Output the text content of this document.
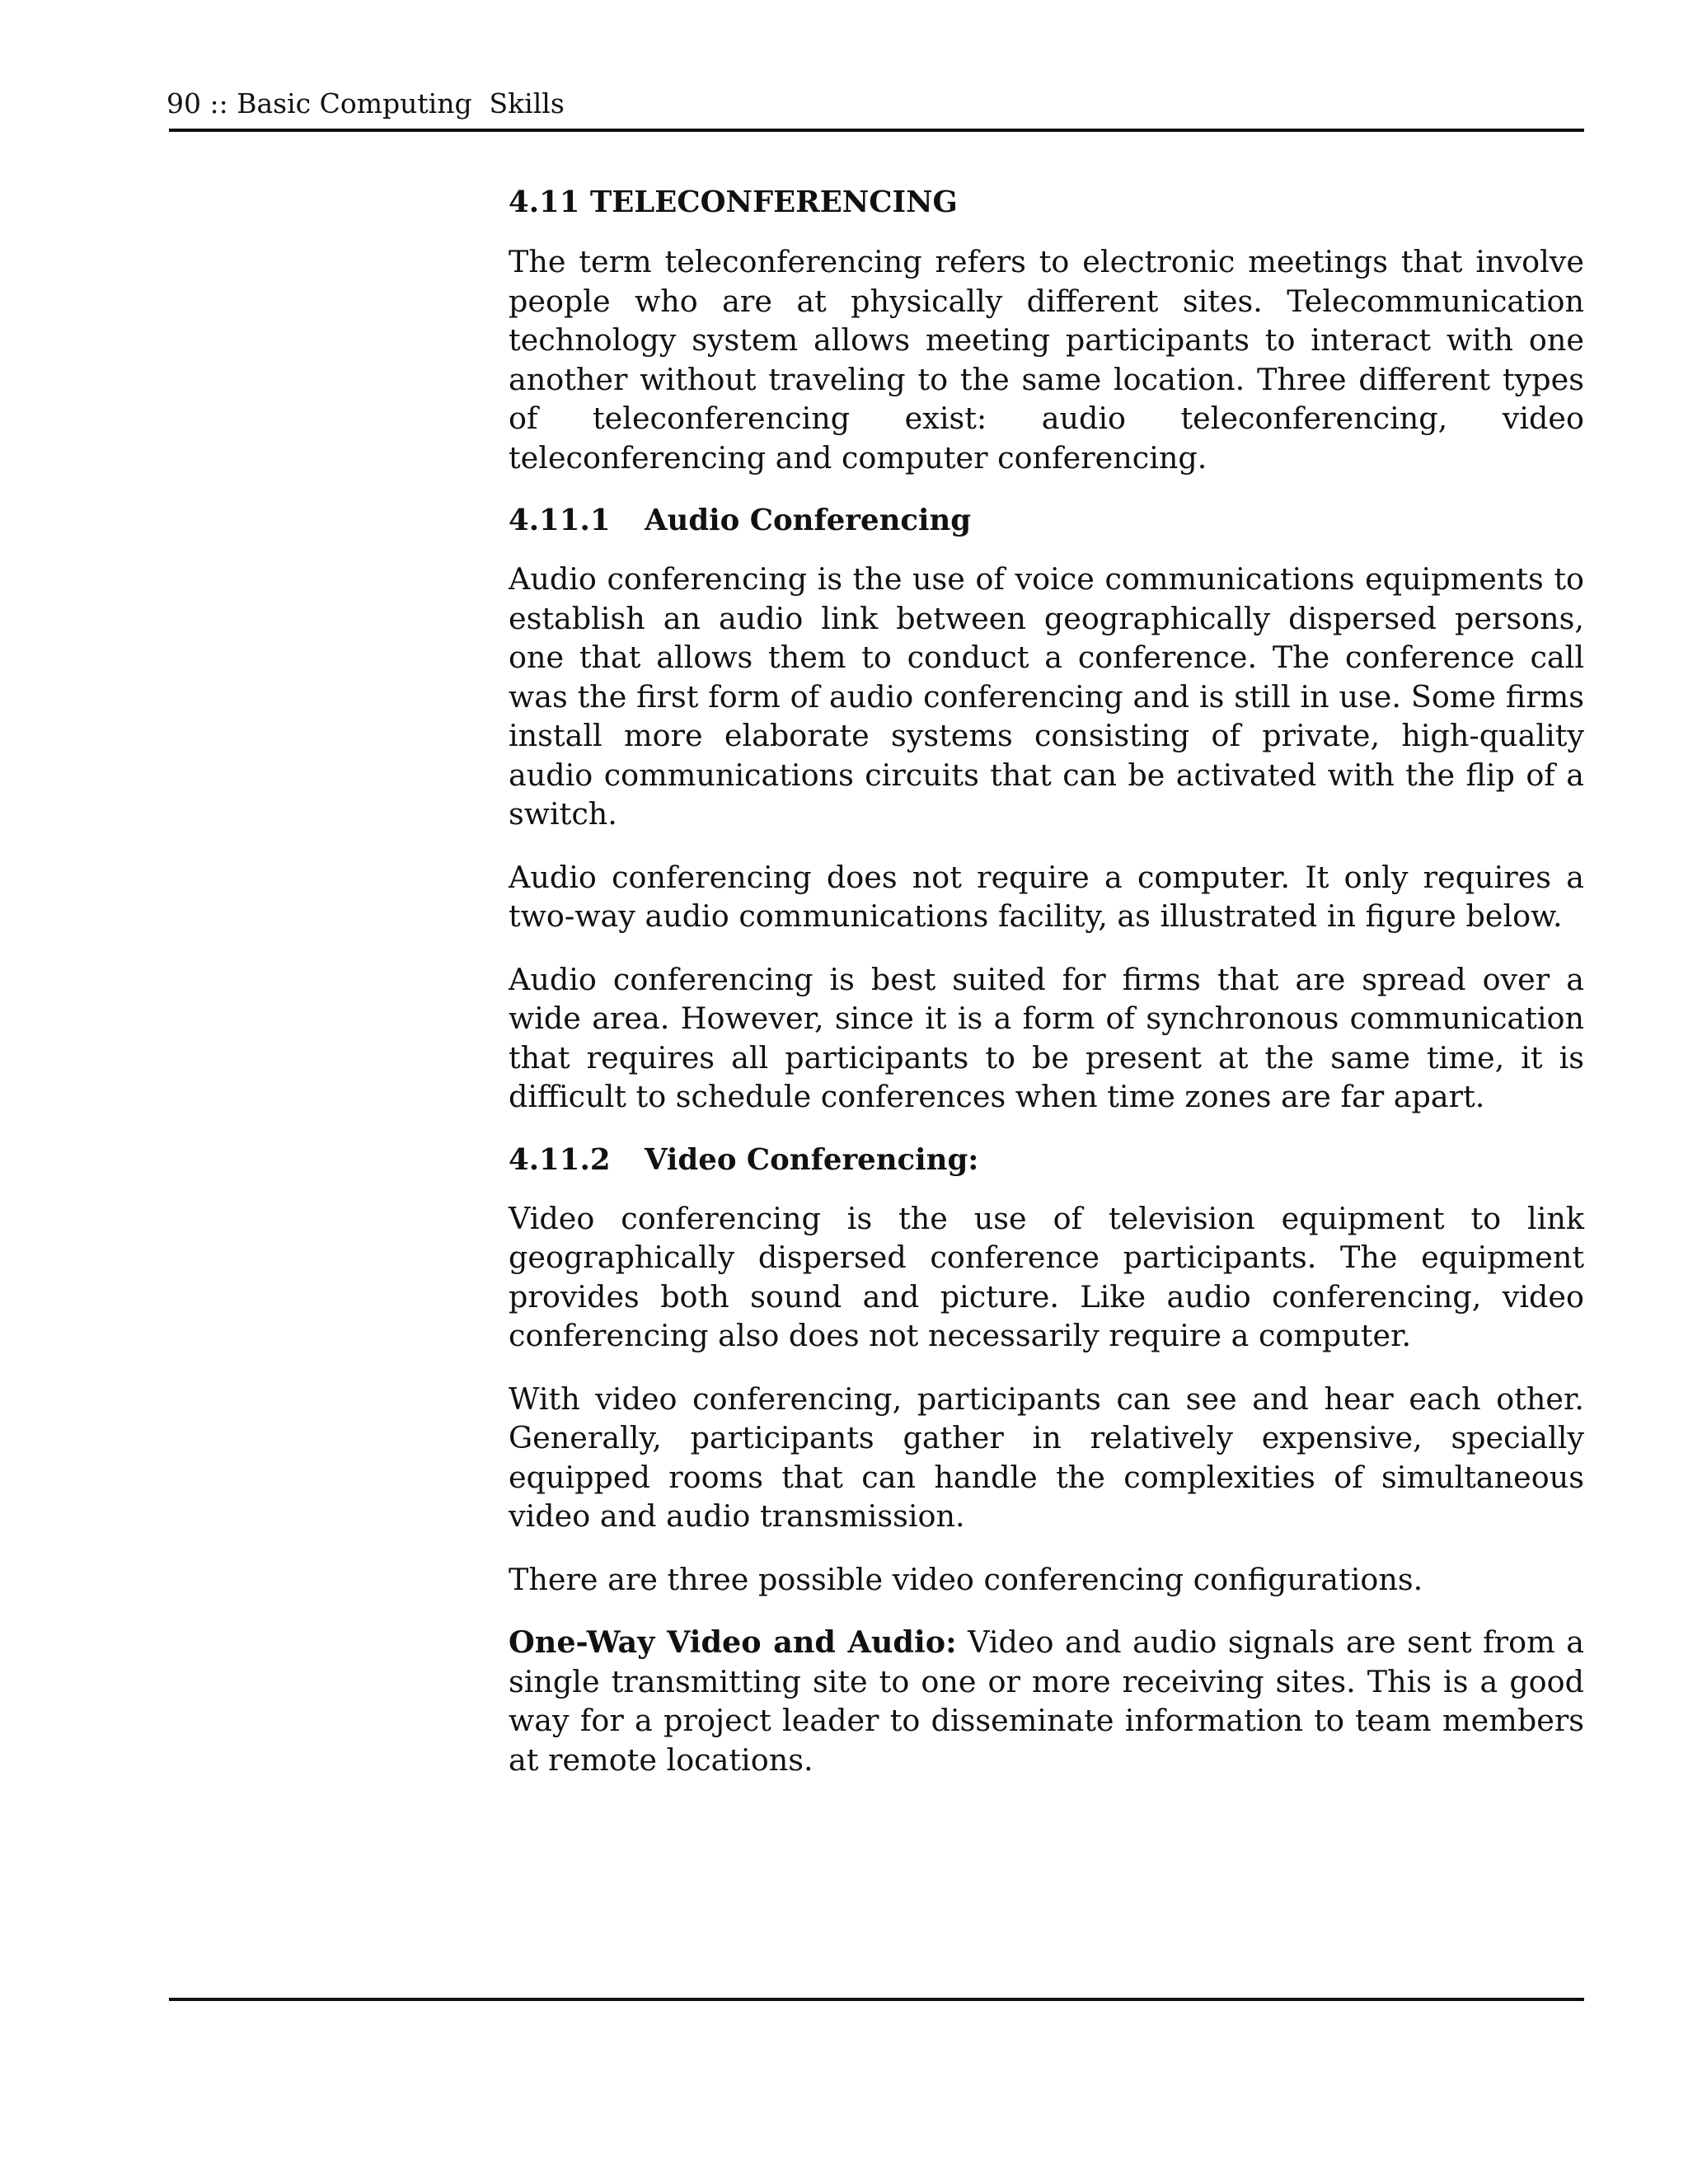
90 :: Basic Computing  Skills
4.11 TELECONFERENCING

The term teleconferencing refers to electronic meetings that involve people who are at physically different sites. Telecommunication technology system allows meeting participants to interact with one another without traveling to the same location. Three different types of teleconferencing exist: audio teleconferencing, video teleconferencing and computer conferencing.

4.11.1 Audio Conferencing

Audio conferencing is the use of voice communications equipments to establish an audio link between geographically dispersed persons, one that allows them to conduct a conference. The conference call was the first form of audio conferencing and is still in use. Some firms install more elaborate systems consisting of private, high-quality audio communications circuits that can be activated with the flip of a switch.

Audio conferencing does not require a computer. It only requires a two-way audio communications facility, as illustrated in figure below.

Audio conferencing is best suited for firms that are spread over a wide area. However, since it is a form of synchronous communication that requires all participants to be present at the same time, it is difficult to schedule conferences when time zones are far apart.

4.11.2 Video Conferencing:

Video conferencing is the use of television equipment to link geographically dispersed conference participants. The equipment provides both sound and picture. Like audio conferencing, video conferencing also does not necessarily require a computer.

With video conferencing, participants can see and hear each other. Generally, participants gather in relatively expensive, specially equipped rooms that can handle the complexities of simultaneous video and audio transmission.

There are three possible video conferencing configurations.

One-Way Video and Audio: Video and audio signals are sent from a single transmitting site to one or more receiving sites. This is a good way for a project leader to disseminate information to team members at remote locations.
